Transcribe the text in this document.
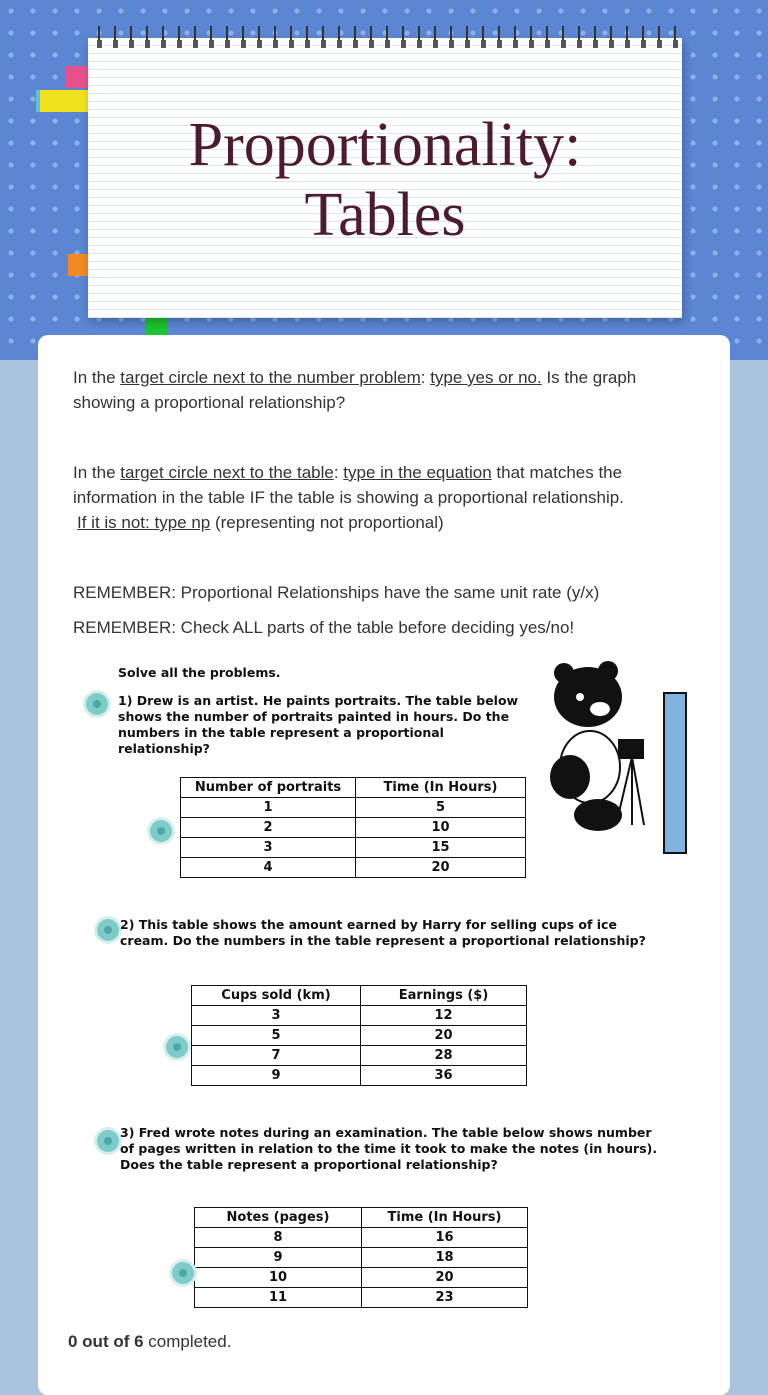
Proportionality:
Tables
In the target circle next to the number problem: type yes or no. Is the graph showing a proportional relationship?
In the target circle next to the table: type in the equation that matches the information in the table IF the table is showing a proportional relationship.
If it is not: type np (representing not proportional)
REMEMBER: Proportional Relationships have the same unit rate (y/x)
REMEMBER: Check ALL parts of the table before deciding yes/no!
Solve all the problems.
1) Drew is an artist. He paints portraits. The table below shows the number of portraits painted in hours. Do the numbers in the table represent a proportional relationship?
Number of portraits	Time (In Hours)
1	5
2	10
3	15
4	20
2) This table shows the amount earned by Harry for selling cups of ice cream. Do the numbers in the table represent a proportional relationship?
Cups sold (km)	Earnings ($)
3	12
5	20
7	28
9	36
3) Fred wrote notes during an examination. The table below shows number of pages written in relation to the time it took to make the notes (in hours). Does the table represent a proportional relationship?
Notes (pages)	Time (In Hours)
8	16
9	18
10	20
11	23
0 out of 6 completed.
